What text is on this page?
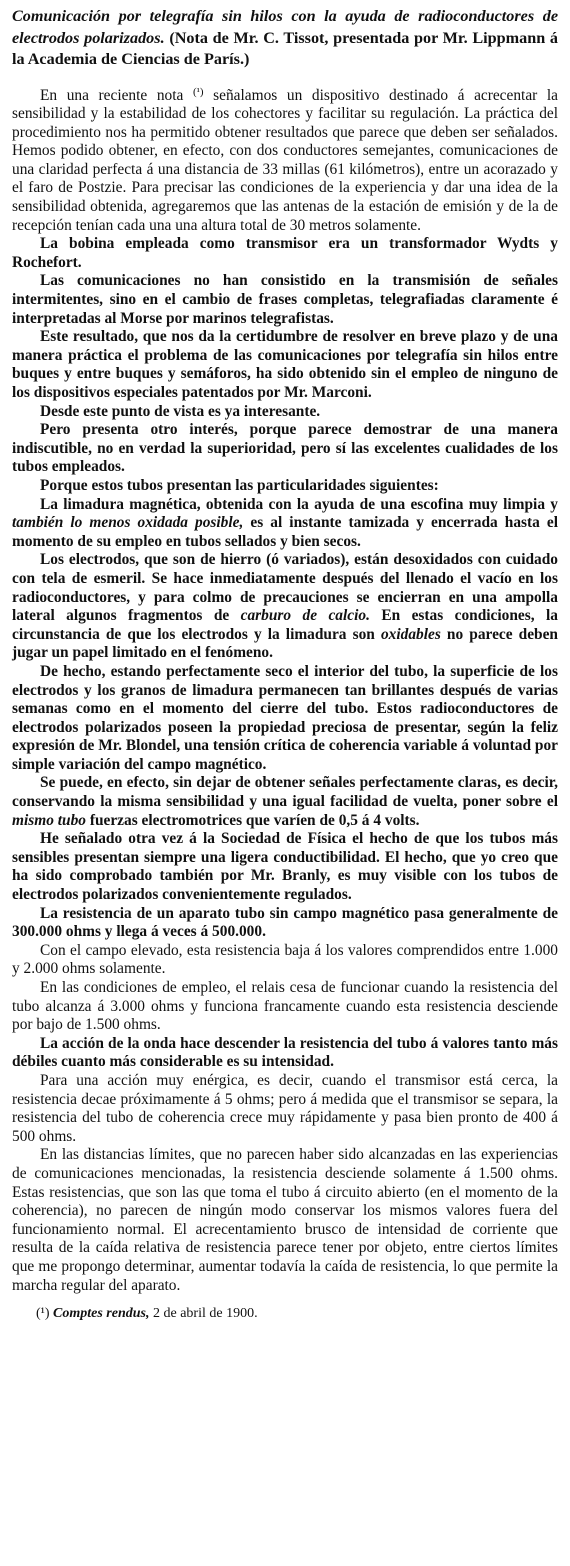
Comunicación por telegrafía sin hilos con la ayuda de radioconductores de electrodos polarizados. (Nota de Mr. C. Tissot, presentada por Mr. Lippmann á la Academia de Ciencias de París.)

En una reciente nota $^{(^1)}$ señalamos un dispositivo destinado á acrecentar la sensibilidad y la estabilidad de los cohectores y facilitar su regulación. La práctica del procedimiento nos ha permitido obtener resultados que parece que deben ser señalados. Hemos podido obtener, en efecto, con dos conductores semejantes, comunicaciones de una claridad perfecta á una distancia de 33 millas (61 kilómetros), entre un acorazado y el faro de Postzie. Para precisar las condiciones de la experiencia y dar una idea de la sensibilidad obtenida, agregaremos que las antenas de la estación de emisión y de la de recepción tenían cada una una altura total de 30 metros solamente.

La bobina empleada como transmisor era un transformador Wydts y Rochefort.

Las comunicaciones no han consistido en la transmisión de señales intermitentes, sino en el cambio de frases completas, telegrafiadas claramente é interpretadas al Morse por marinos telegrafistas.

Este resultado, que nos da la certidumbre de resolver en breve plazo y de una manera práctica el problema de las comunicaciones por telegrafía sin hilos entre buques y entre buques y semáforos, ha sido obtenido sin el empleo de ninguno de los dispositivos especiales patentados por Mr. Marconi.

Desde este punto de vista es ya interesante.

Pero presenta otro interés, porque parece demostrar de una manera indiscutible, no en verdad la superioridad, pero sí las excelentes cualidades de los tubos empleados.

Porque estos tubos presentan las particularidades siguientes:

La limadura magnética, obtenida con la ayuda de una escofina muy limpia y también lo menos oxidada posible, es al instante tamizada y encerrada hasta el momento de su empleo en tubos sellados y bien secos.

Los electrodos, que son de hierro (ó variados), están desoxidados con cuidado con tela de esmeril. Se hace inmediatamente después del llenado el vacío en los radioconductores, y para colmo de precauciones se encierran en una ampolla lateral algunos fragmentos de carburo de calcio. En estas condiciones, la circunstancia de que los electrodos y la limadura son oxidables no parece deben jugar un papel limitado en el fenómeno.

De hecho, estando perfectamente seco el interior del tubo, la superficie de los electrodos y los granos de limadura permanecen tan brillantes después de varias semanas como en el momento del cierre del tubo. Estos radioconductores de electrodos polarizados poseen la propiedad preciosa de presentar, según la feliz expresión de Mr. Blondel, una tensión crítica de coherencia variable á voluntad por simple variación del campo magnético.

Se puede, en efecto, sin dejar de obtener señales perfectamente claras, es decir, conservando la misma sensibilidad y una igual facilidad de vuelta, poner sobre el mismo tubo fuerzas electromotrices que varíen de 0,5 á 4 volts.

He señalado otra vez á la Sociedad de Física el hecho de que los tubos más sensibles presentan siempre una ligera conductibilidad. El hecho, que yo creo que ha sido comprobado también por Mr. Branly, es muy visible con los tubos de electrodos polarizados convenientemente regulados.

La resistencia de un aparato tubo sin campo magnético pasa generalmente de 300.000 ohms y llega á veces á 500.000.

Con el campo elevado, esta resistencia baja á los valores comprendidos entre 1.000 y 2.000 ohms solamente.

En las condiciones de empleo, el relais cesa de funcionar cuando la resistencia del tubo alcanza á 3.000 ohms y funciona francamente cuando esta resistencia desciende por bajo de 1.500 ohms.

La acción de la onda hace descender la resistencia del tubo á valores tanto más débiles cuanto más considerable es su intensidad.

Para una acción muy enérgica, es decir, cuando el transmisor está cerca, la resistencia decae próximamente á 5 ohms; pero á medida que el transmisor se separa, la resistencia del tubo de coherencia crece muy rápidamente y pasa bien pronto de 400 á 500 ohms.

En las distancias límites, que no parecen haber sido alcanzadas en las experiencias de comunicaciones mencionadas, la resistencia desciende solamente á 1.500 ohms. Estas resistencias, que son las que toma el tubo á circuito abierto (en el momento de la coherencia), no parecen de ningún modo conservar los mismos valores fuera del funcionamiento normal. El acrecentamiento brusco de intensidad de corriente que resulta de la caída relativa de resistencia parece tener por objeto, entre ciertos límites que me propongo determinar, aumentar todavía la caída de resistencia, lo que permite la marcha regular del aparato.

(¹) Comptes rendus, 2 de abril de 1900.
